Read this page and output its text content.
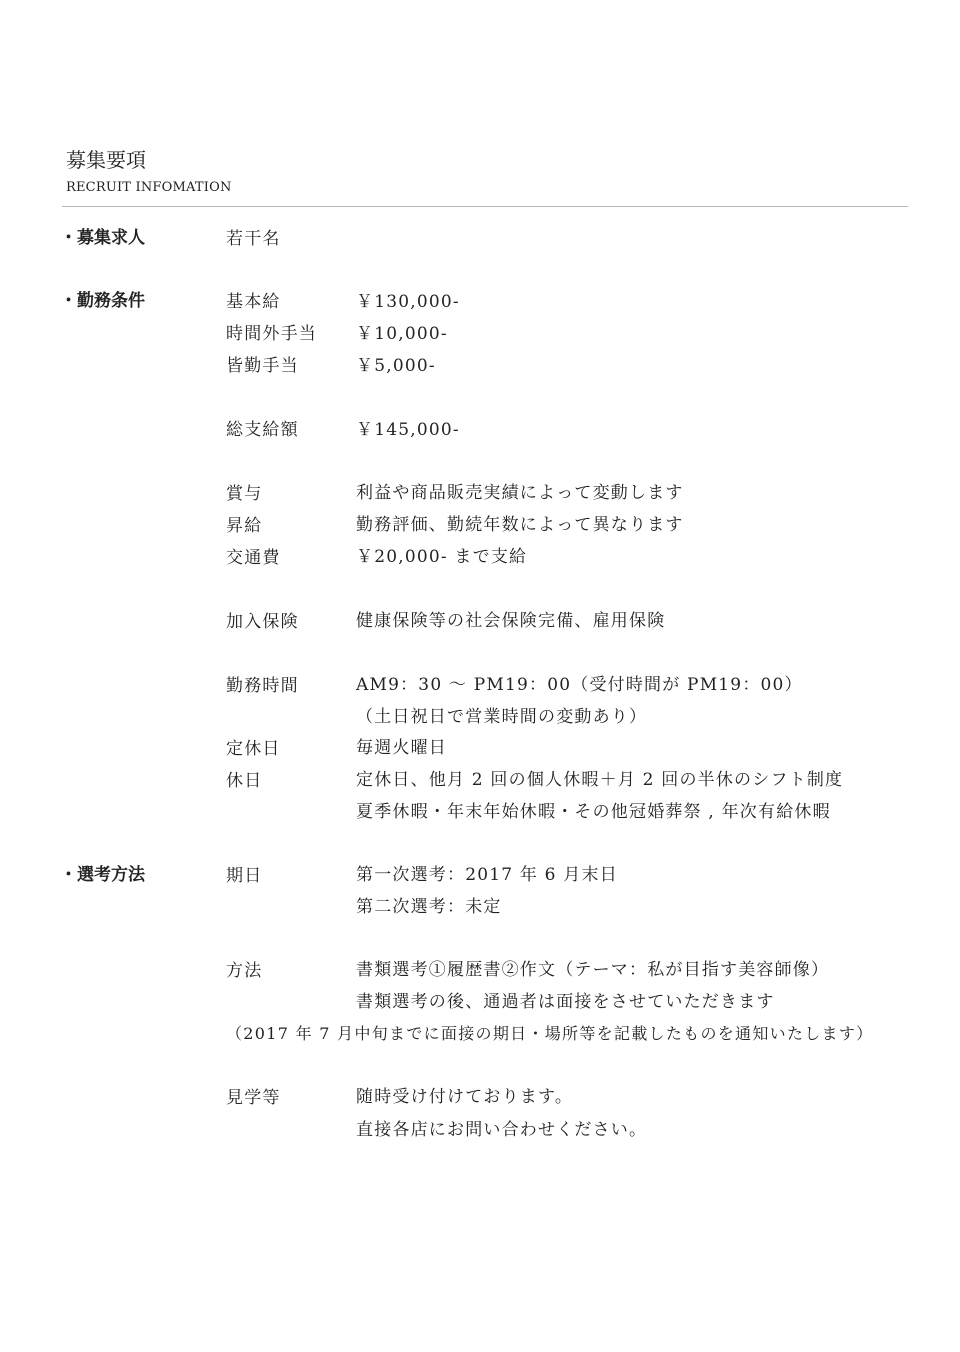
募集要項
RECRUIT INFOMATION
・募集求人	若干名
・勤務条件	基本給	￥130,000-
時間外手当 ￥10,000-
皆勤手当	￥5,000-
総支給額	￥145,000-
賞与	利益や商品販売実績によって変動します
昇給	勤務評価、勤続年数によって異なります
交通費	￥20,000- まで支給
加入保険	健康保険等の社会保険完備、雇用保険
勤務時間	AM9：30 ～ PM19：00（受付時間が PM19：00）
（土日祝日で営業時間の変動あり）
定休日	毎週火曜日
休日	定休日、他月 2 回の個人休暇＋月 2 回の半休のシフト制度
夏季休暇・年末年始休暇・その他冠婚葬祭 , 年次有給休暇
・選考方法	期日	第一次選考：2017 年 6 月末日
第二次選考：未定
方法	書類選考①履歴書②作文（テーマ：私が目指す美容師像）
書類選考の後、通過者は面接をさせていただきます
（2017 年 7 月中旬までに面接の期日・場所等を記載したものを通知いたします）
見学等	随時受け付けております。
直接各店にお問い合わせください。
